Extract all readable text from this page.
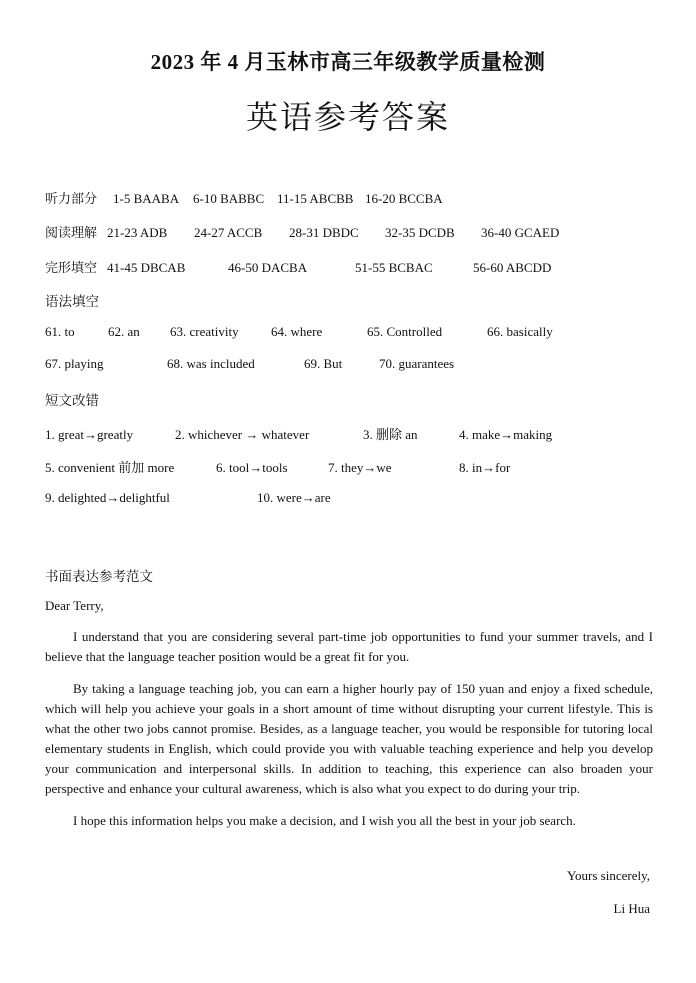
2023 年 4 月玉林市高三年级教学质量检测
英语参考答案
听力部分 1-5 BAABA 6-10 BABBC 11-15 ABCBB 16-20 BCCBA
阅读理解 21-23 ADB 24-27 ACCB 28-31 DBDC 32-35 DCDB 36-40 GCAED
完形填空 41-45 DBCAB	46-50 DACBA	51-55 BCBAC	56-60 ABCDD
语法填空
61. to	62. an 63. creativity 64. where	65. Controlled	66. basically
67. playing	68. was included	69. But	70. guarantees
短文改错
1. great→greatly	2. whichever → whatever	3. 删除 an	4. make→making
5. convenient 前加 more	6. tool→tools	7. they→we	8. in→for
9. delighted→delightful	10. were→are
书面表达参考范文
Dear Terry,

I understand that you are considering several part-time job opportunities to fund your summer travels, and I believe that the language teacher position would be a great fit for you.

By taking a language teaching job, you can earn a higher hourly pay of 150 yuan and enjoy a fixed schedule, which will help you achieve your goals in a short amount of time without disrupting your current lifestyle. This is what the other two jobs cannot promise. Besides, as a language teacher, you would be responsible for tutoring local elementary students in English, which could provide you with valuable teaching experience and help you develop your communication and interpersonal skills. In addition to teaching, this experience can also broaden your perspective and enhance your cultural awareness, which is also what you expect to do during your trip.

I hope this information helps you make a decision, and I wish you all the best in your job search.

Yours sincerely,
Li Hua
